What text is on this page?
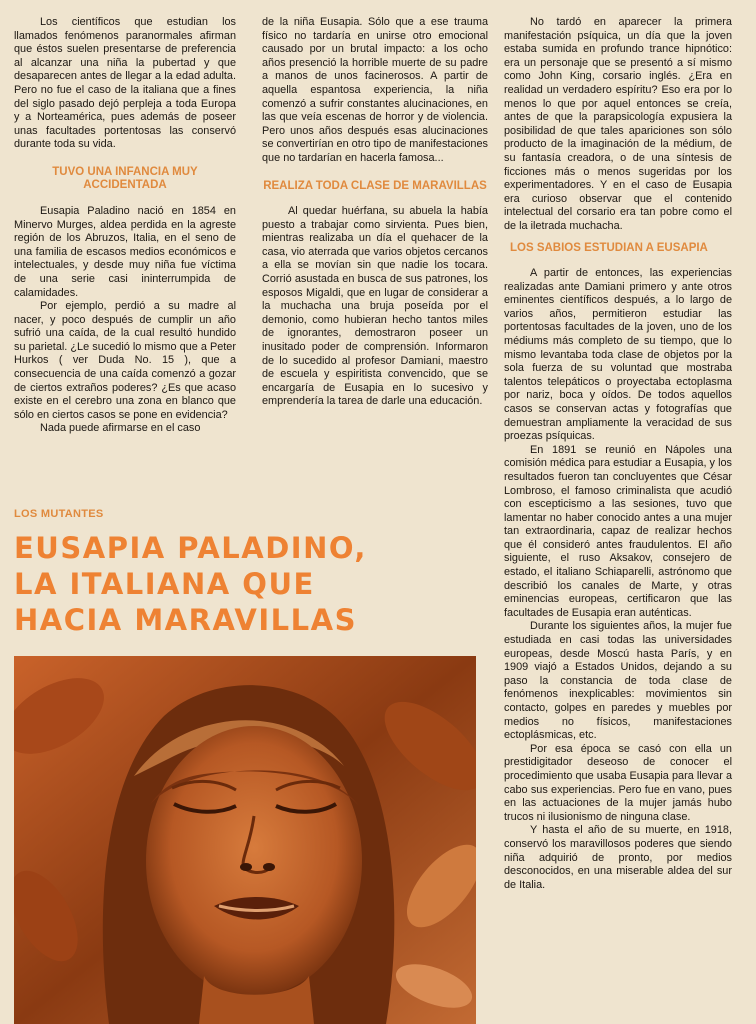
Los científicos que estudian los llamados fenómenos paranormales afirman que éstos suelen presentarse de preferencia al alcanzar una niña la pubertad y que desaparecen antes de llegar a la edad adulta. Pero no fue el caso de la italiana que a fines del siglo pasado dejó perpleja a toda Europa y a Norteamérica, pues además de poseer unas facultades portentosas las conservó durante toda su vida.

TUVO UNA INFANCIA MUY ACCIDENTADA

Eusapia Paladino nació en 1854 en Minervo Murges, aldea perdida en la agreste región de los Abruzos, Italia, en el seno de una familia de escasos medios económicos e intelectuales, y desde muy niña fue víctima de una serie casi ininterrumpida de calamidades.

Por ejemplo, perdió a su madre al nacer, y poco después de cumplir un año sufrió una caída, de la cual resultó hundido su parietal. ¿Le sucedió lo mismo que a Peter Hurkos ( ver Duda No. 15 ), que a consecuencia de una caída comenzó a gozar de ciertos extraños poderes? ¿Es que acaso existe en el cerebro una zona en blanco que sólo en ciertos casos se pone en evidencia?

Nada puede afirmarse en el caso

de la niña Eusapia. Sólo que a ese trauma físico no tardaría en unirse otro emocional causado por un brutal impacto: a los ocho años presenció la horrible muerte de su padre a manos de unos facinerosos. A partir de aquella espantosa experiencia, la niña comenzó a sufrir constantes alucinaciones, en las que veía escenas de horror y de violencia. Pero unos años después esas alucinaciones se convertirían en otro tipo de manifestaciones que no tardarían en hacerla famosa...

REALIZA TODA CLASE DE MARAVILLAS

Al quedar huérfana, su abuela la había puesto a trabajar como sirvienta. Pues bien, mientras realizaba un día el quehacer de la casa, vio aterrada que varios objetos cercanos a ella se movían sin que nadie los tocara. Corrió asustada en busca de sus patrones, los esposos Migaldi, que en lugar de considerar a la muchacha una bruja poseída por el demonio, como hubieran hecho tantos miles de ignorantes, demostraron poseer un inusitado poder de comprensión. Informaron de lo sucedido al profesor Damiani, maestro de escuela y espiritista convencido, que se encargaría de Eusapia en lo sucesivo y emprendería la tarea de darle una educación.

No tardó en aparecer la primera manifestación psíquica, un día que la joven estaba sumida en profundo trance hipnótico: era un personaje que se presentó a sí mismo como John King, corsario inglés. ¿Era en realidad un verdadero espíritu? Eso era por lo menos lo que por aquel entonces se creía, antes de que la parapsicología expusiera la posibilidad de que tales apariciones son sólo producto de la imaginación de la médium, de su fantasía creadora, o de una síntesis de ficciones más o menos sugeridas por los experimentadores. Y en el caso de Eusapia era curioso observar que el contenido intelectual del corsario era tan pobre como el de la iletrada muchacha.

LOS SABIOS ESTUDIAN A EUSAPIA

A partir de entonces, las experiencias realizadas ante Damiani primero y ante otros eminentes científicos después, a lo largo de varios años, permitieron estudiar las portentosas facultades de la joven, uno de los médiums más completo de su tiempo, que lo mismo levantaba toda clase de objetos por la sola fuerza de su voluntad que mostraba talentos telepáticos o proyectaba ectoplasma por nariz, boca y oídos. De todos aquellos casos se conservan actas y fotografías que demuestran ampliamente la veracidad de sus proezas psíquicas.

En 1891 se reunió en Nápoles una comisión médica para estudiar a Eusapia, y los resultados fueron tan concluyentes que César Lombroso, el famoso criminalista que acudió con escepticismo a las sesiones, tuvo que lamentar no haber conocido antes a una mujer tan extraordinaria, capaz de realizar hechos que él consideró antes fraudulentos. El año siguiente, el ruso Aksakov, consejero de estado, el italiano Schiaparelli, astrónomo que describió los canales de Marte, y otras eminencias europeas, certificaron que las facultades de Eusapia eran auténticas.

Durante los siguientes años, la mujer fue estudiada en casi todas las universidades europeas, desde Moscú hasta París, y en 1909 viajó a Estados Unidos, dejando a su paso la constancia de toda clase de fenómenos inexplicables: movimientos sin contacto, golpes en paredes y muebles por medios no físicos, manifestaciones ectoplásmicas, etc.

Por esa época se casó con ella un prestidigitador deseoso de conocer el procedimiento que usaba Eusapia para llevar a cabo sus experiencias. Pero fue en vano, pues en las actuaciones de la mujer jamás hubo trucos ni ilusionismo de ninguna clase.

Y hasta el año de su muerte, en 1918, conservó los maravillosos poderes que siendo niña adquirió de pronto, por medios desconocidos, en una miserable aldea del sur de Italia.

LOS MUTANTES
EUSAPIA PALADINO,
LA ITALIANA QUE
HACIA MARAVILLAS
